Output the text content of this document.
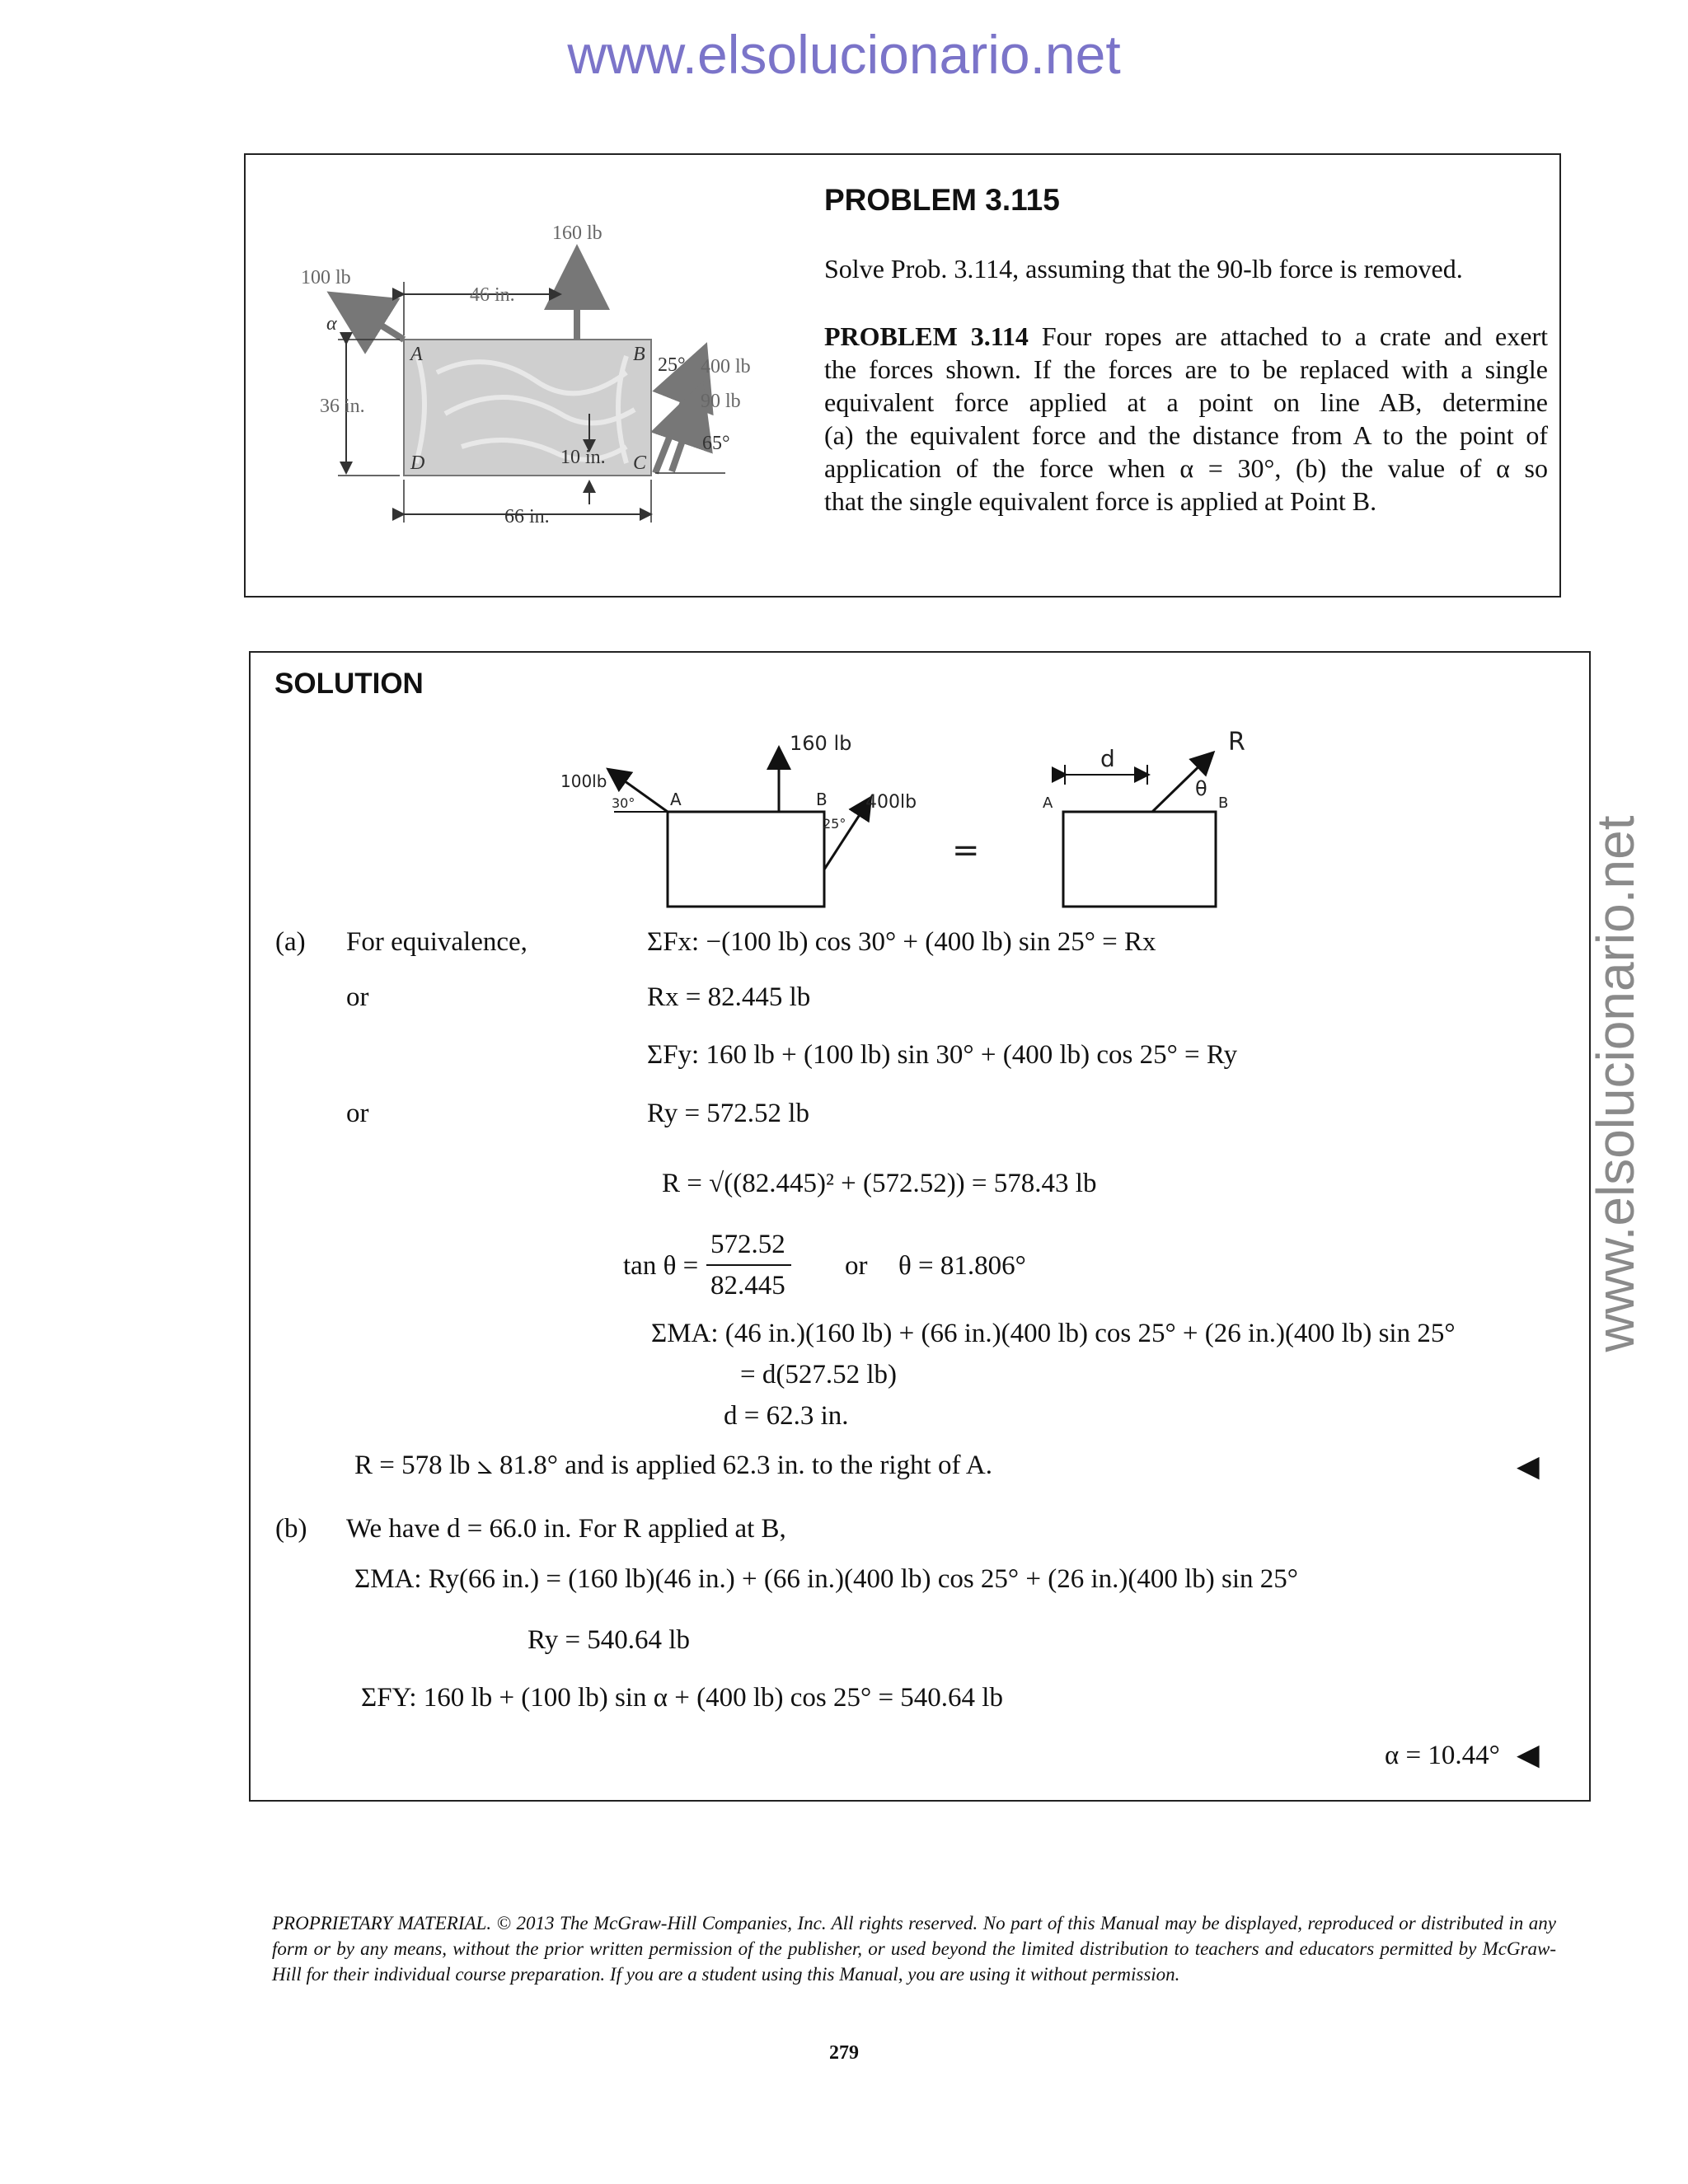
www.elsolucionario.net
www.elsolucionario.net
160 lb
100 lb
46 in.
α
36 in.
66 in.
10 in.
25° 400 lb
90 lb
65°
A	B
C
D
PROBLEM 3.115
Solve Prob. 3.114, assuming that the 90-lb force is removed.
PROBLEM 3.114 Four ropes are attached to a crate and exert
the forces shown. If the forces are to be replaced with a single
equivalent force applied at a point on line AB, determine
(a) the equivalent force and the distance from A to the point of
application of the force when α = 30°, (b) the value of α so
that the single equivalent force is applied at Point B.
SOLUTION
160 lb
100lb
30° A	B
25°
400lb
=
d
R
θ
A	B
(a) For equivalence,	ΣFx: −(100 lb) cos 30° + (400 lb) sin 25° = Rx
or	Rx = 82.445 lb
ΣFy: 160 lb + (100 lb) sin 30° + (400 lb) cos 25° = Ry
or	Ry = 572.52 lb
R = √((82.445)² + (572.52)) = 578.43 lb
tan θ =
572.52
82.445
or θ = 81.806°
ΣMA: (46 in.)(160 lb) + (66 in.)(400 lb) cos 25° + (26 in.)(400 lb) sin 25°
= d(527.52 lb)
d = 62.3 in.
R = 578 lb ⦣ 81.8° and is applied 62.3 in. to the right of A.	◀
(b) We have d = 66.0 in. For R applied at B,
ΣMA: Ry(66 in.) = (160 lb)(46 in.) + (66 in.)(400 lb) cos 25° + (26 in.)(400 lb) sin 25°
Ry = 540.64 lb
ΣFY: 160 lb + (100 lb) sin α + (400 lb) cos 25° = 540.64 lb
α = 10.44° ◀
PROPRIETARY MATERIAL. © 2013 The McGraw-Hill Companies, Inc. All rights reserved. No part of this Manual may be displayed, reproduced or distributed in any form or by any means, without the prior written permission of the publisher, or used beyond the limited distribution to teachers and educators permitted by McGraw-Hill for their individual course preparation. If you are a student using this Manual, you are using it without permission.
279
